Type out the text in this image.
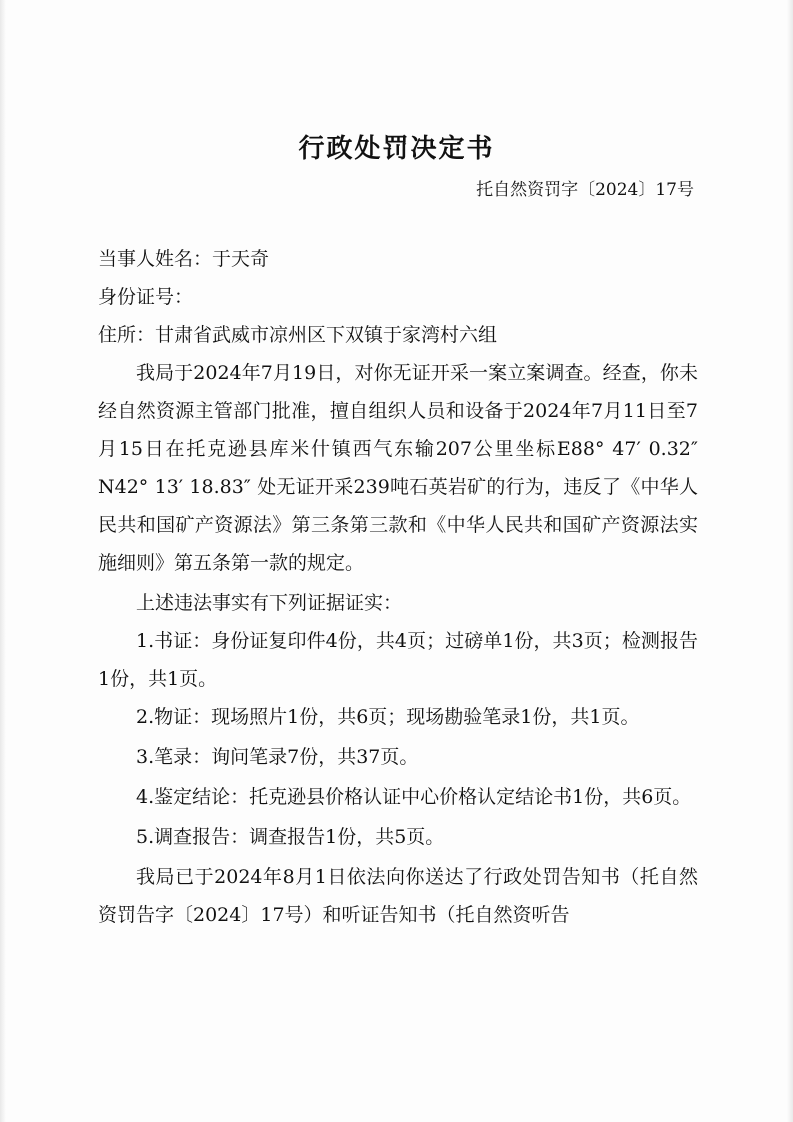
行政处罚决定书
托自然资罚字〔2024〕17号

当事人姓名：于天奇

身份证号：

住所：甘肃省武威市凉州区下双镇于家湾村六组

我局于2024年7月19日，对你无证开采一案立案调查。经查，你未经自然资源主管部门批准，擅自组织人员和设备于2024年7月11日至7月15日在托克逊县库米什镇西气东输207公里坐标E88° 47′ 0.32″ N42° 13′ 18.83″ 处无证开采239吨石英岩矿的行为，违反了《中华人民共和国矿产资源法》第三条第三款和《中华人民共和国矿产资源法实施细则》第五条第一款的规定。

上述违法事实有下列证据证实：

1.书证：身份证复印件4份，共4页；过磅单1份，共3页；检测报告1份，共1页。

2.物证：现场照片1份，共6页；现场勘验笔录1份，共1页。

3.笔录：询问笔录7份，共37页。

4.鉴定结论：托克逊县价格认证中心价格认定结论书1份，共6页。

5.调查报告：调查报告1份，共5页。

我局已于2024年8月1日依法向你送达了行政处罚告知书（托自然资罚告字〔2024〕17号）和听证告知书（托自然资听告
